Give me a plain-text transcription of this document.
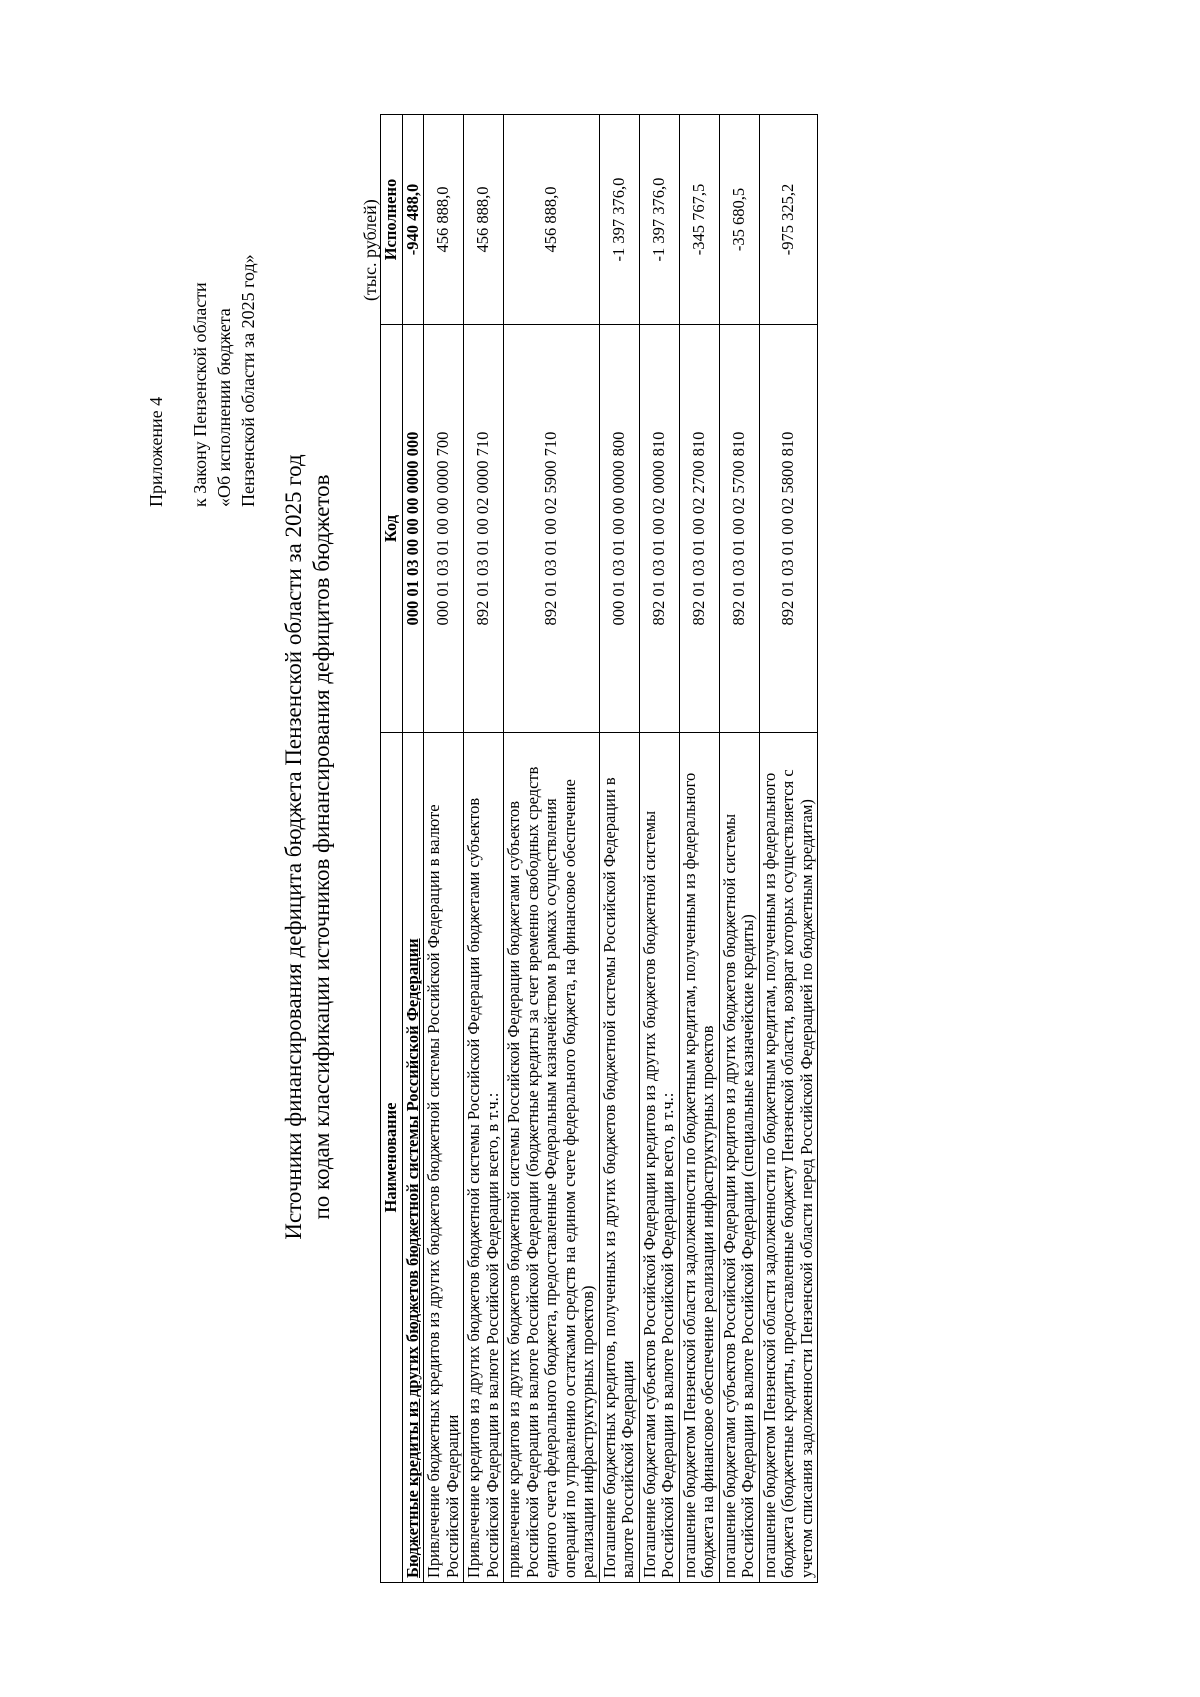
Приложение 4 к Закону Пензенской области «Об исполнении бюджета Пензенской области за 2025 год»
Источники финансирования дефицита бюджета Пензенской области за 2025 год по кодам классификации источников финансирования дефицитов бюджетов
(тыс. рублей)
Наименование	Код	Исполнено
Бюджетные кредиты из других бюджетов бюджетной системы Российской Федерации	000 01 03 00 00 00 0000 000	-940 488,0
Привлечение бюджетных кредитов из других бюджетов бюджетной системы Российской Федерации в валюте Российской Федерации	000 01 03 01 00 00 0000 700	456 888,0
Привлечение кредитов из других бюджетов бюджетной системы Российской Федерации бюджетами субъектов Российской Федерации в валюте Российской Федерации всего, в т.ч.:	892 01 03 01 00 02 0000 710	456 888,0
привлечение кредитов из других бюджетов бюджетной системы Российской Федерации бюджетами субъектов Российской Федерации в валюте Российской Федерации (бюджетные кредиты за счет временно свободных средств единого счета федерального бюджета, предоставленные Федеральным казначейством в рамках осуществления операций по управлению остатками средств на едином счете федерального бюджета, на финансовое обеспечение реализации инфраструктурных проектов)	892 01 03 01 00 02 5900 710	456 888,0
Погашение бюджетных кредитов, полученных из других бюджетов бюджетной системы Российской Федерации в валюте Российской Федерации	000 01 03 01 00 00 0000 800	-1 397 376,0
Погашение бюджетами субъектов Российской Федерации кредитов из других бюджетов бюджетной системы Российской Федерации в валюте Российской Федерации всего, в т.ч.:	892 01 03 01 00 02 0000 810	-1 397 376,0
погашение бюджетом Пензенской области задолженности по бюджетным кредитам, полученным из федерального бюджета на финансовое обеспечение реализации инфраструктурных проектов	892 01 03 01 00 02 2700 810	-345 767,5
погашение бюджетами субъектов Российской Федерации кредитов из других бюджетов бюджетной системы Российской Федерации в валюте Российской Федерации (специальные казначейские кредиты)	892 01 03 01 00 02 5700 810	-35 680,5
погашение бюджетом Пензенской области задолженности по бюджетным кредитам, полученным из федерального бюджета (бюджетные кредиты, предоставленные бюджету Пензенской области, возврат которых осуществляется с учетом списания задолженности Пензенской области перед Российской Федерацией по бюджетным кредитам)	892 01 03 01 00 02 5800 810	-975 325,2
